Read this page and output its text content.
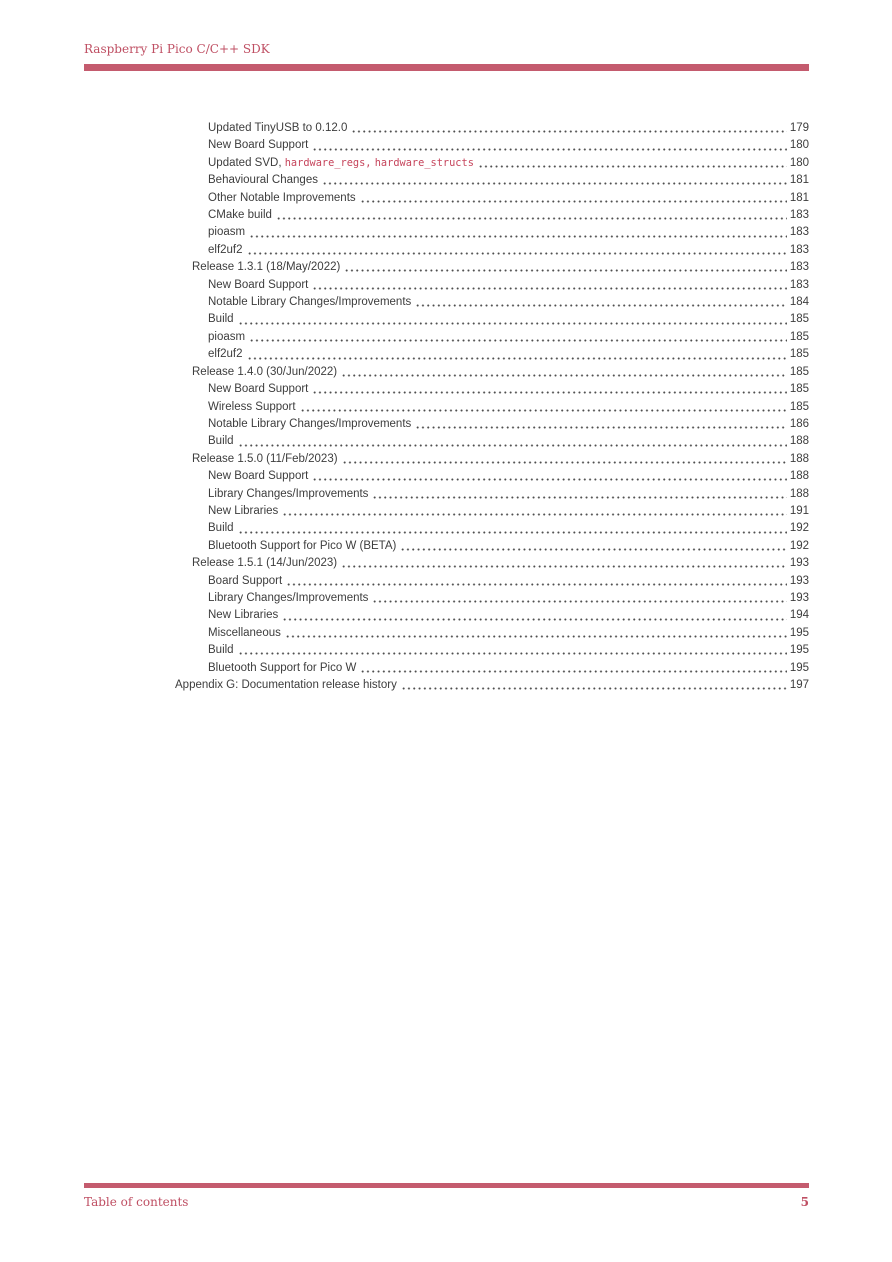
Raspberry Pi Pico C/C++ SDK
Updated TinyUSB to 0.12.0	179
New Board Support	180
Updated SVD, hardware_regs, hardware_structs	180
Behavioural Changes	181
Other Notable Improvements	181
CMake build	183
pioasm	183
elf2uf2	183
Release 1.3.1 (18/May/2022)	183
New Board Support	183
Notable Library Changes/Improvements	184
Build	185
pioasm	185
elf2uf2	185
Release 1.4.0 (30/Jun/2022)	185
New Board Support	185
Wireless Support	185
Notable Library Changes/Improvements	186
Build	188
Release 1.5.0 (11/Feb/2023)	188
New Board Support	188
Library Changes/Improvements	188
New Libraries	191
Build	192
Bluetooth Support for Pico W (BETA)	192
Release 1.5.1 (14/Jun/2023)	193
Board Support	193
Library Changes/Improvements	193
New Libraries	194
Miscellaneous	195
Build	195
Bluetooth Support for Pico W	195
Appendix G: Documentation release history	197
Table of contents	5
